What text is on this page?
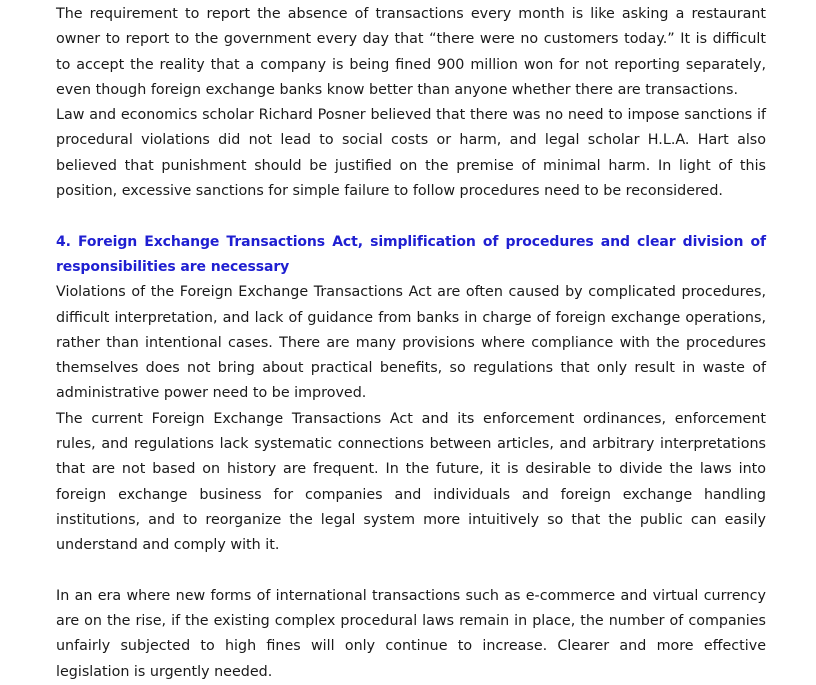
The requirement to report the absence of transactions every month is like asking a restaurant owner to report to the government every day that “there were no customers today.” It is difficult to accept the reality that a company is being fined 900 million won for not reporting separately, even though foreign exchange banks know better than anyone whether there are transactions.

Law and economics scholar Richard Posner believed that there was no need to impose sanctions if procedural violations did not lead to social costs or harm, and legal scholar H.L.A. Hart also believed that punishment should be justified on the premise of minimal harm. In light of this position, excessive sanctions for simple failure to follow procedures need to be reconsidered.

4. Foreign Exchange Transactions Act, simplification of procedures and clear division of responsibilities are necessary

Violations of the Foreign Exchange Transactions Act are often caused by complicated procedures, difficult interpretation, and lack of guidance from banks in charge of foreign exchange operations, rather than intentional cases. There are many provisions where compliance with the procedures themselves does not bring about practical benefits, so regulations that only result in waste of administrative power need to be improved.

The current Foreign Exchange Transactions Act and its enforcement ordinances, enforcement rules, and regulations lack systematic connections between articles, and arbitrary interpretations that are not based on history are frequent. In the future, it is desirable to divide the laws into foreign exchange business for companies and individuals and foreign exchange handling institutions, and to reorganize the legal system more intuitively so that the public can easily understand and comply with it.

In an era where new forms of international transactions such as e-commerce and virtual currency are on the rise, if the existing complex procedural laws remain in place, the number of companies unfairly subjected to high fines will only continue to increase. Clearer and more effective legislation is urgently needed.
